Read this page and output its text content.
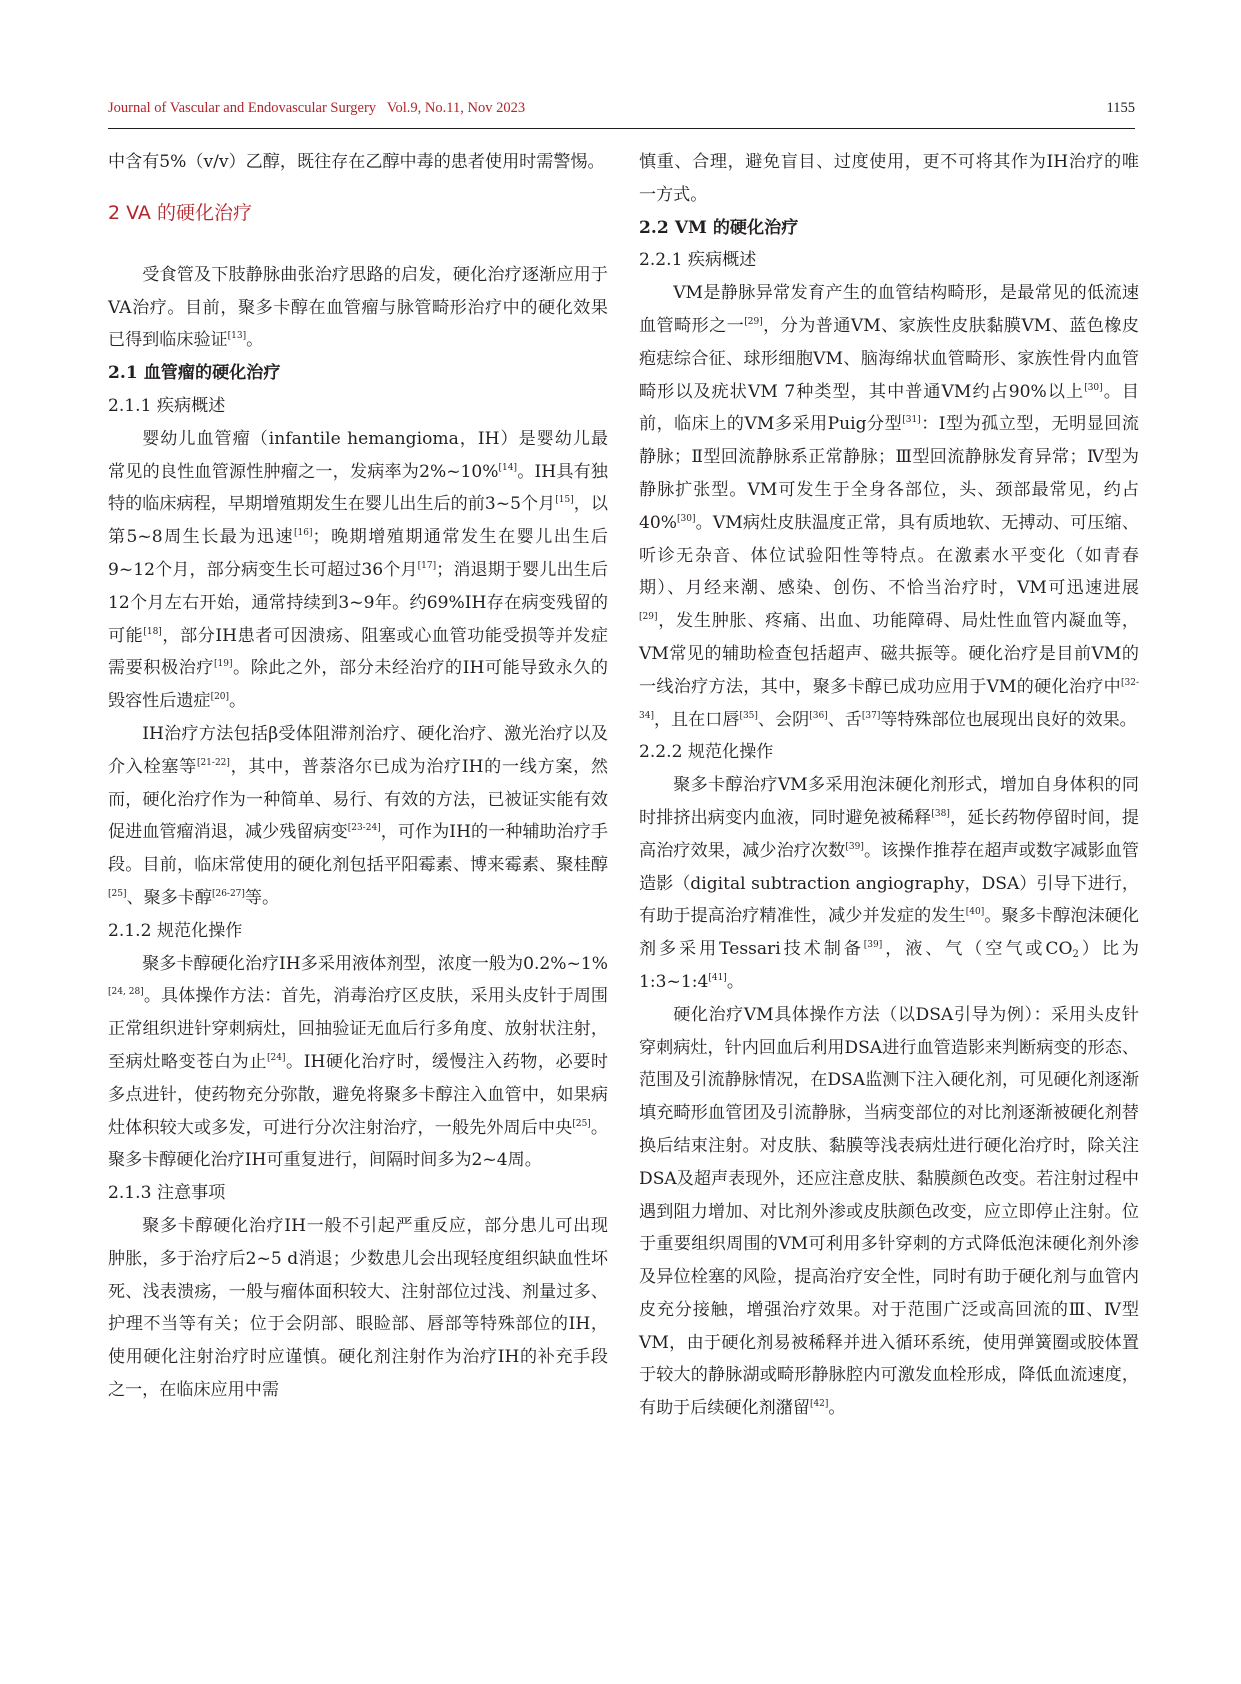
Journal of Vascular and Endovascular Surgery   Vol.9, No.11, Nov 2023	1155

中含有5%（v/v）乙醇，既往存在乙醇中毒的患者使用时需警惕。

2 VA 的硬化治疗

受食管及下肢静脉曲张治疗思路的启发，硬化治疗逐渐应用于VA治疗。目前，聚多卡醇在血管瘤与脉管畸形治疗中的硬化效果已得到临床验证[13]。

2.1 血管瘤的硬化治疗
2.1.1 疾病概述

婴幼儿血管瘤（infantile hemangioma，IH）是婴幼儿最常见的良性血管源性肿瘤之一，发病率为2%~10%[14]。IH具有独特的临床病程，早期增殖期发生在婴儿出生后的前3~5个月[15]，以第5~8周生长最为迅速[16]；晚期增殖期通常发生在婴儿出生后9~12个月，部分病变生长可超过36个月[17]；消退期于婴儿出生后12个月左右开始，通常持续到3~9年。约69%IH存在病变残留的可能[18]，部分IH患者可因溃疡、阻塞或心血管功能受损等并发症需要积极治疗[19]。除此之外，部分未经治疗的IH可能导致永久的毁容性后遗症[20]。

IH治疗方法包括β受体阻滞剂治疗、硬化治疗、激光治疗以及介入栓塞等[21-22]，其中，普萘洛尔已成为治疗IH的一线方案，然而，硬化治疗作为一种简单、易行、有效的方法，已被证实能有效促进血管瘤消退，减少残留病变[23-24]，可作为IH的一种辅助治疗手段。目前，临床常使用的硬化剂包括平阳霉素、博来霉素、聚桂醇[25]、聚多卡醇[26-27]等。

2.1.2 规范化操作

聚多卡醇硬化治疗IH多采用液体剂型，浓度一般为0.2%~1%[24, 28]。具体操作方法：首先，消毒治疗区皮肤，采用头皮针于周围正常组织进针穿刺病灶，回抽验证无血后行多角度、放射状注射，至病灶略变苍白为止[24]。IH硬化治疗时，缓慢注入药物，必要时多点进针，使药物充分弥散，避免将聚多卡醇注入血管中，如果病灶体积较大或多发，可进行分次注射治疗，一般先外周后中央[25]。聚多卡醇硬化治疗IH可重复进行，间隔时间多为2~4周。

2.1.3 注意事项

聚多卡醇硬化治疗IH一般不引起严重反应，部分患儿可出现肿胀，多于治疗后2~5 d消退；少数患儿会出现轻度组织缺血性坏死、浅表溃疡，一般与瘤体面积较大、注射部位过浅、剂量过多、护理不当等有关；位于会阴部、眼睑部、唇部等特殊部位的IH，使用硬化注射治疗时应谨慎。硬化剂注射作为治疗IH的补充手段之一，在临床应用中需

慎重、合理，避免盲目、过度使用，更不可将其作为IH治疗的唯一方式。

2.2 VM 的硬化治疗
2.2.1 疾病概述

VM是静脉异常发育产生的血管结构畸形，是最常见的低流速血管畸形之一[29]，分为普通VM、家族性皮肤黏膜VM、蓝色橡皮疱痣综合征、球形细胞VM、脑海绵状血管畸形、家族性骨内血管畸形以及疣状VM 7种类型，其中普通VM约占90%以上[30]。目前，临床上的VM多采用Puig分型[31]：Ⅰ型为孤立型，无明显回流静脉；Ⅱ型回流静脉系正常静脉；Ⅲ型回流静脉发育异常；Ⅳ型为静脉扩张型。VM可发生于全身各部位，头、颈部最常见，约占40%[30]。VM病灶皮肤温度正常，具有质地软、无搏动、可压缩、听诊无杂音、体位试验阳性等特点。在激素水平变化（如青春期）、月经来潮、感染、创伤、不恰当治疗时，VM可迅速进展[29]，发生肿胀、疼痛、出血、功能障碍、局灶性血管内凝血等，VM常见的辅助检查包括超声、磁共振等。硬化治疗是目前VM的一线治疗方法，其中，聚多卡醇已成功应用于VM的硬化治疗中[32-34]，且在口唇[35]、会阴[36]、舌[37]等特殊部位也展现出良好的效果。

2.2.2 规范化操作

聚多卡醇治疗VM多采用泡沫硬化剂形式，增加自身体积的同时排挤出病变内血液，同时避免被稀释[38]，延长药物停留时间，提高治疗效果，减少治疗次数[39]。该操作推荐在超声或数字减影血管造影（digital subtraction angiography，DSA）引导下进行，有助于提高治疗精准性，减少并发症的发生[40]。聚多卡醇泡沫硬化剂多采用Tessari技术制备[39]，液、气（空气或$CO_2$）比为1:3~1:4[41]。

硬化治疗VM具体操作方法（以DSA引导为例）：采用头皮针穿刺病灶，针内回血后利用DSA进行血管造影来判断病变的形态、范围及引流静脉情况，在DSA监测下注入硬化剂，可见硬化剂逐渐填充畸形血管团及引流静脉，当病变部位的对比剂逐渐被硬化剂替换后结束注射。对皮肤、黏膜等浅表病灶进行硬化治疗时，除关注DSA及超声表现外，还应注意皮肤、黏膜颜色改变。若注射过程中遇到阻力增加、对比剂外渗或皮肤颜色改变，应立即停止注射。位于重要组织周围的VM可利用多针穿刺的方式降低泡沫硬化剂外渗及异位栓塞的风险，提高治疗安全性，同时有助于硬化剂与血管内皮充分接触，增强治疗效果。对于范围广泛或高回流的Ⅲ、Ⅳ型VM，由于硬化剂易被稀释并进入循环系统，使用弹簧圈或胶体置于较大的静脉湖或畸形静脉腔内可激发血栓形成，降低血流速度，有助于后续硬化剂潴留[42]。
